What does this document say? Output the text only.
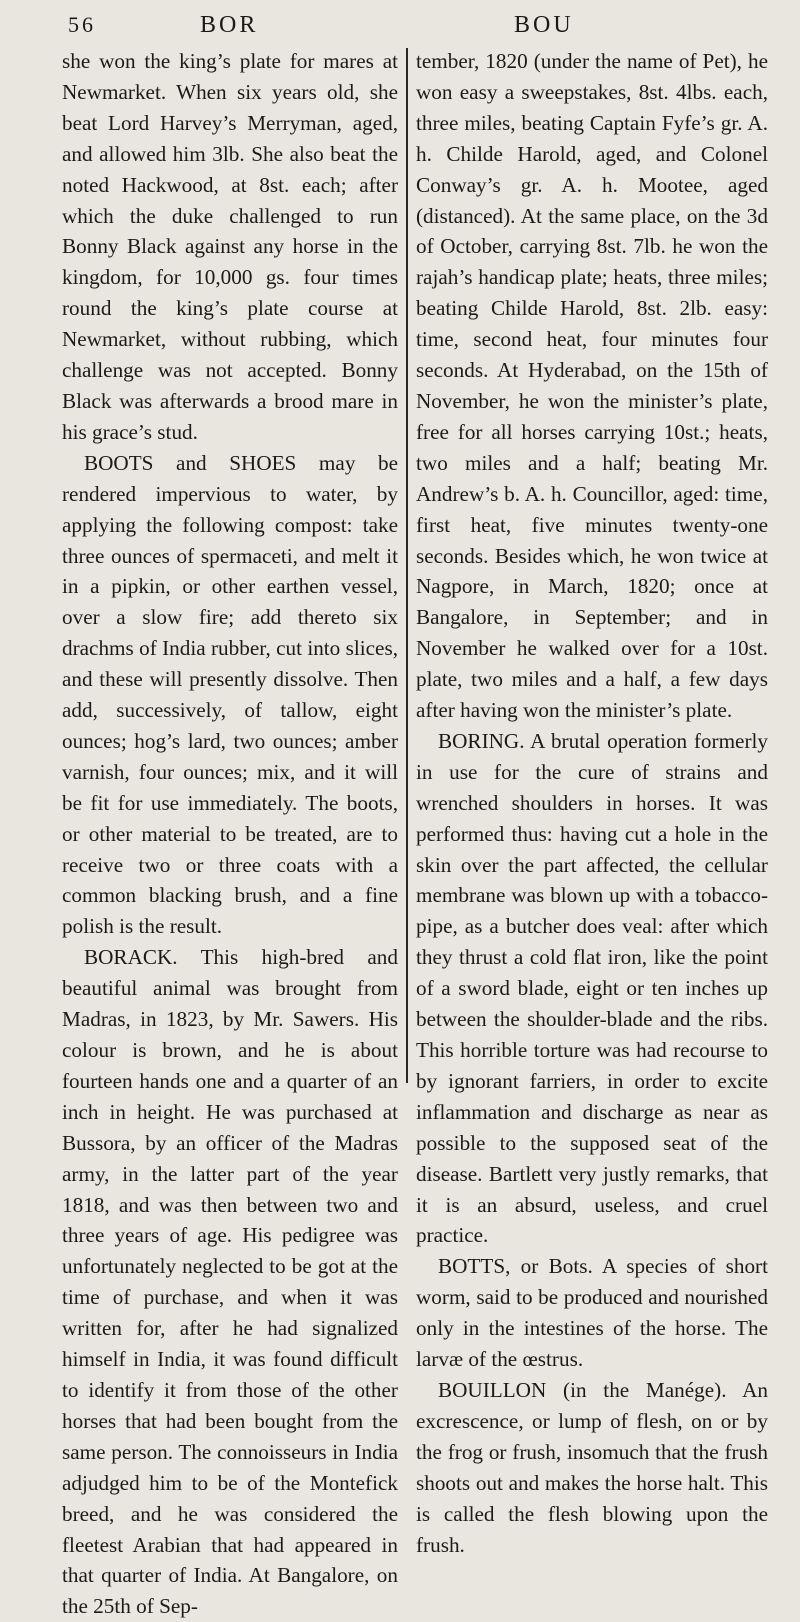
56	BOR	BOU

she won the king’s plate for mares at Newmarket. When six years old, she beat Lord Harvey’s Merryman, aged, and allowed him 3lb. She also beat the noted Hackwood, at 8st. each; after which the duke challenged to run Bonny Black against any horse in the kingdom, for 10,000 gs. four times round the king’s plate course at Newmarket, without rubbing, which challenge was not accepted. Bonny Black was afterwards a brood mare in his grace’s stud.

BOOTS and SHOES may be rendered impervious to water, by applying the following compost: take three ounces of spermaceti, and melt it in a pipkin, or other earthen vessel, over a slow fire; add thereto six drachms of India rubber, cut into slices, and these will presently dissolve. Then add, successively, of tallow, eight ounces; hog’s lard, two ounces; amber varnish, four ounces; mix, and it will be fit for use immediately. The boots, or other material to be treated, are to receive two or three coats with a common blacking brush, and a fine polish is the result.

BORACK. This high-bred and beautiful animal was brought from Madras, in 1823, by Mr. Sawers. His colour is brown, and he is about fourteen hands one and a quarter of an inch in height. He was purchased at Bussora, by an officer of the Madras army, in the latter part of the year 1818, and was then between two and three years of age. His pedigree was unfortunately neglected to be got at the time of purchase, and when it was written for, after he had signalized himself in India, it was found difficult to identify it from those of the other horses that had been bought from the same person. The connoisseurs in India adjudged him to be of the Montefick breed, and he was considered the fleetest Arabian that had appeared in that quarter of India. At Bangalore, on the 25th of Sep-

tember, 1820 (under the name of Pet), he won easy a sweepstakes, 8st. 4lbs. each, three miles, beating Captain Fyfe’s gr. A. h. Childe Harold, aged, and Colonel Conway’s gr. A. h. Mootee, aged (distanced). At the same place, on the 3d of October, carrying 8st. 7lb. he won the rajah’s handicap plate; heats, three miles; beating Childe Harold, 8st. 2lb. easy: time, second heat, four minutes four seconds. At Hyderabad, on the 15th of November, he won the minister’s plate, free for all horses carrying 10st.; heats, two miles and a half; beating Mr. Andrew’s b. A. h. Councillor, aged: time, first heat, five minutes twenty-one seconds. Besides which, he won twice at Nagpore, in March, 1820; once at Bangalore, in September; and in November he walked over for a 10st. plate, two miles and a half, a few days after having won the minister’s plate.

BORING. A brutal operation formerly in use for the cure of strains and wrenched shoulders in horses. It was performed thus: having cut a hole in the skin over the part affected, the cellular membrane was blown up with a tobacco-pipe, as a butcher does veal: after which they thrust a cold flat iron, like the point of a sword blade, eight or ten inches up between the shoulder-blade and the ribs. This horrible torture was had recourse to by ignorant farriers, in order to excite inflammation and discharge as near as possible to the supposed seat of the disease. Bartlett very justly remarks, that it is an absurd, useless, and cruel practice.

BOTTS, or Bots. A species of short worm, said to be produced and nourished only in the intestines of the horse. The larvæ of the œstrus.

BOUILLON (in the Manége). An excrescence, or lump of flesh, on or by the frog or frush, insomuch that the frush shoots out and makes the horse halt. This is called the flesh blowing upon the frush.
